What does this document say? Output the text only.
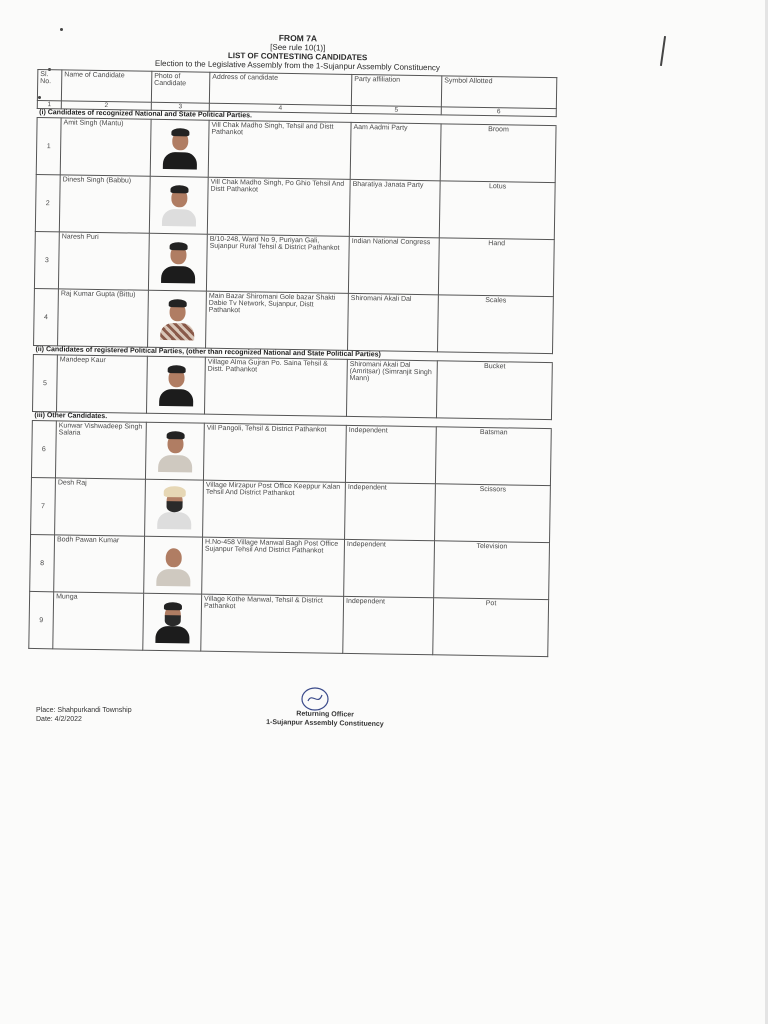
FROM 7A
[See rule 10(1)]
LIST OF CONTESTING CANDIDATES
Election to the Legislative Assembly from the 1-Sujanpur Assembly Constituency
Sl. No.	Name of Candidate	Photo of Candidate	Address of candidate	Party affiliation	Symbol Allotted
1	2	3	4	5	6
(i) Candidates of recognized National and State Political Parties.					
1	Amit Singh (Mantu)		Vill Chak Madho Singh, Tehsil and Distt Pathankot	Aam Aadmi Party	Broom
2	Dinesh Singh (Babbu)		Vill Chak Madho Singh, Po Ghio Tehsil And Distt Pathankot	Bharatiya Janata Party	Lotus
3	Naresh Puri		B/10-248, Ward No 9, Puriyan Gali, Sujanpur Rural Tehsil & District Pathankot	Indian National Congress	Hand
4	Raj Kumar Gupta (Bittu)		Main Bazar Shiromani Gole bazar Shakti Dabie Tv Network, Sujanpur, Distt Pathankot	Shiromani Akali Dal	Scales
(ii) Candidates of registered Political Parties, (other than recognized National and State Political Parties)					
5	Mandeep Kaur		Village Alma Gujran Po. Saina Tehsil & Distt. Pathankot	Shiromani Akali Dal (Amritsar) (Simranjit Singh Mann)	Bucket
(iii) Other Candidates.					
6	Kunwar Vishwadeep Singh Salaria		Vill Pangoli, Tehsil & District Pathankot	Independent	Batsman
7	Desh Raj		Village Mirzapur Post Office Keeppur Kalan Tehsil And District Pathankot	Independent	Scissors
8	Bodh Pawan Kumar		H.No-458 Village Manwal Bagh Post Office Sujanpur Tehsil And District Pathankot	Independent	Television
9	Munga		Village Kothe Manwal, Tehsil & District Pathankot	Independent	Pot
Place: Shahpurkandi Township
Date: 4/2/2022
Returning Officer
1-Sujanpur Assembly Constituency
